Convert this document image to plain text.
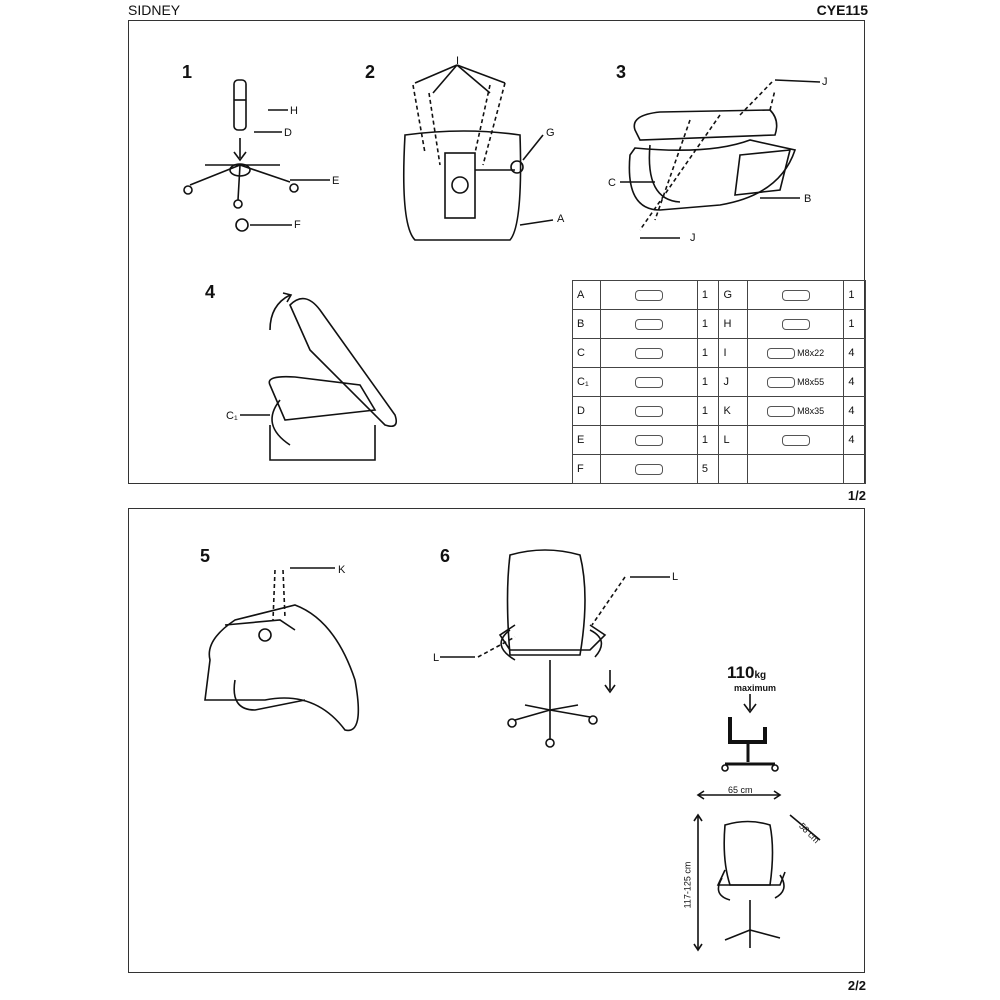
SIDNEY	CYE115
1/2
1
H
D
E
F
2
I
G
A
3	J
C
B
J
4
C₁
A		1	G		1
B		1	H		1
C		1	I	M8x22	4
C₁		1	J	M8x55	4
D		1	K	M8x35	4
E		1	L		4
F		5			
2/2
5
K
6
L
L
110kg
maximum
65 cm
58 cm
117-125 cm
